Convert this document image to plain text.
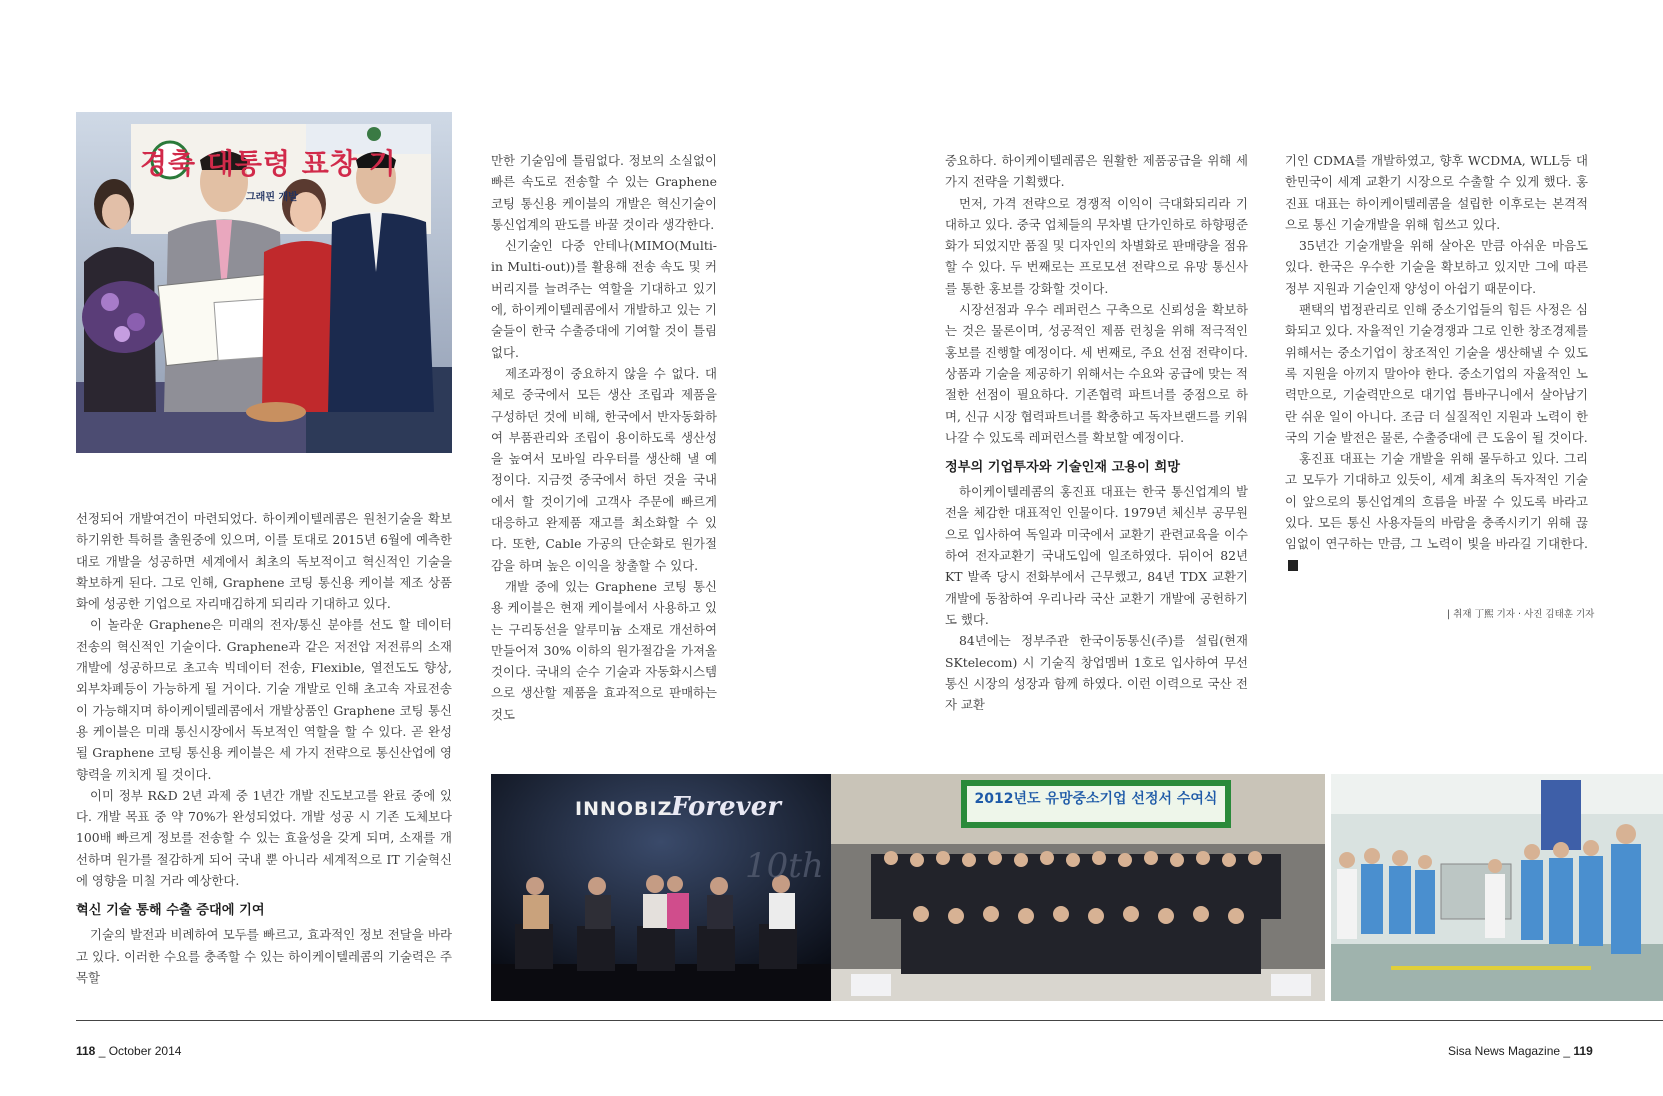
경축 대통령 표창 기
그래핀 개발

선정되어 개발여건이 마련되었다. 하이케이텔레콤은 원천기술을 확보하기위한 특허를 출원중에 있으며, 이를 토대로 2015년 6월에 예측한 대로 개발을 성공하면 세계에서 최초의 독보적이고 혁신적인 기술을 확보하게 된다. 그로 인해, Graphene 코팅 통신용 케이블 제조 상품화에 성공한 기업으로 자리매김하게 되리라 기대하고 있다.

이 놀라운 Graphene은 미래의 전자/통신 분야를 선도 할 데이터 전송의 혁신적인 기술이다. Graphene과 같은 저전압 저전류의 소재개발에 성공하므로 초고속 빅데이터 전송, Flexible, 열전도도 향상, 외부차폐등이 가능하게 될 거이다. 기술 개발로 인해 초고속 자료전송이 가능해지며 하이케이텔레콤에서 개발상품인 Graphene 코팅 통신용 케이블은 미래 통신시장에서 독보적인 역할을 할 수 있다. 곧 완성될 Graphene 코팅 통신용 케이블은 세 가지 전략으로 통신산업에 영향력을 끼치게 될 것이다.

이미 정부 R&D 2년 과제 중 1년간 개발 진도보고를 완료 중에 있다. 개발 목표 중 약 70%가 완성되었다. 개발 성공 시 기존 도체보다 100배 빠르게 정보를 전송할 수 있는 효율성을 갖게 되며, 소재를 개선하며 원가를 절감하게 되어 국내 뿐 아니라 세계적으로 IT 기술혁신에 영향을 미칠 거라 예상한다.

혁신 기술 통해 수출 증대에 기여

기술의 발전과 비례하여 모두를 빠르고, 효과적인 정보 전달을 바라고 있다. 이러한 수요를 충족할 수 있는 하이케이텔레콤의 기술력은 주목할

만한 기술임에 틀림없다. 정보의 소실없이 빠른 속도로 전송할 수 있는 Graphene 코팅 통신용 케이블의 개발은 혁신기술이 통신업계의 판도를 바꿀 것이라 생각한다.

신기술인 다중 안테나(MIMO(Multi-in Multi-out))를 활용해 전송 속도 및 커버리지를 늘려주는 역할을 기대하고 있기에, 하이케이텔레콤에서 개발하고 있는 기술들이 한국 수출증대에 기여할 것이 틀림없다.

제조과정이 중요하지 않을 수 없다. 대체로 중국에서 모든 생산 조립과 제품을 구성하던 것에 비해, 한국에서 반자동화하여 부품관리와 조립이 용이하도록 생산성을 높여서 모바일 라우터를 생산해 낼 예정이다. 지금껏 중국에서 하던 것을 국내에서 할 것이기에 고객사 주문에 빠르게 대응하고 완제품 재고를 최소화할 수 있다. 또한, Cable 가공의 단순화로 원가절감을 하며 높은 이익을 창출할 수 있다.

개발 중에 있는 Graphene 코팅 통신용 케이블은 현재 케이블에서 사용하고 있는 구리동선을 알루미늄 소재로 개선하여 만들어져 30% 이하의 원가절감을 가져올 것이다. 국내의 순수 기술과 자동화시스템으로 생산할 제품을 효과적으로 판매하는 것도

중요하다. 하이케이텔레콤은 원활한 제품공급을 위해 세 가지 전략을 기획했다.

먼저, 가격 전략으로 경쟁적 이익이 극대화되리라 기대하고 있다. 중국 업체들의 무차별 단가인하로 하향평준화가 되었지만 품질 및 디자인의 차별화로 판매량을 점유할 수 있다. 두 번째로는 프로모션 전략으로 유망 통신사를 통한 홍보를 강화할 것이다.

시장선점과 우수 레퍼런스 구축으로 신뢰성을 확보하는 것은 물론이며, 성공적인 제품 런칭을 위해 적극적인 홍보를 진행할 예정이다. 세 번째로, 주요 선점 전략이다. 상품과 기술을 제공하기 위해서는 수요와 공급에 맞는 적절한 선점이 필요하다. 기존협력 파트너를 중점으로 하며, 신규 시장 협력파트너를 확충하고 독자브랜드를 키워나갈 수 있도록 레퍼런스를 확보할 예정이다.

정부의 기업투자와 기술인재 고용이 희망

하이케이텔레콤의 홍진표 대표는 한국 통신업계의 발전을 체감한 대표적인 인물이다. 1979년 체신부 공무원으로 입사하여 독일과 미국에서 교환기 관련교육을 이수하여 전자교환기 국내도입에 일조하였다. 뒤이어 82년 KT 발족 당시 전화부에서 근무했고, 84년 TDX 교환기 개발에 동참하여 우리나라 국산 교환기 개발에 공헌하기도 했다.

84년에는 정부주관 한국이동통신(주)를 설립(현재 SKtelecom) 시 기술직 창업멤버 1호로 입사하여 무선통신 시장의 성장과 함께 하였다. 이런 이력으로 국산 전자 교환

기인 CDMA를 개발하였고, 향후 WCDMA, WLL등 대한민국이 세계 교환기 시장으로 수출할 수 있게 했다. 홍진표 대표는 하이케이텔레콤을 설립한 이후로는 본격적으로 통신 기술개발을 위해 힘쓰고 있다.

35년간 기술개발을 위해 살아온 만큼 아쉬운 마음도 있다. 한국은 우수한 기술을 확보하고 있지만 그에 따른 정부 지원과 기술인재 양성이 아쉽기 때문이다.

팬택의 법정관리로 인해 중소기업들의 힘든 사정은 심화되고 있다. 자율적인 기술경쟁과 그로 인한 창조경제를 위해서는 중소기업이 창조적인 기술을 생산해낼 수 있도록 지원을 아끼지 말아야 한다. 중소기업의 자율적인 노력만으로, 기술력만으로 대기업 틈바구니에서 살아남기란 쉬운 일이 아니다. 조금 더 실질적인 지원과 노력이 한국의 기술 발전은 물론, 수출증대에 큰 도움이 될 것이다.

홍진표 대표는 기술 개발을 위해 몰두하고 있다. 그리고 모두가 기대하고 있듯이, 세계 최초의 독자적인 기술이 앞으로의 통신업계의 흐름을 바꿀 수 있도록 바라고 있다. 모든 통신 사용자들의 바람을 충족시키기 위해 끊임없이 연구하는 만큼, 그 노력이 빛을 바라길 기대한다.

| 취재 丁熙 기자 · 사진 김태훈 기자
INNOBIZ
Forever
10th
2012년도 유망중소기업 선정서 수여식
118 _ October 2014	Sisa News Magazine _ 119
